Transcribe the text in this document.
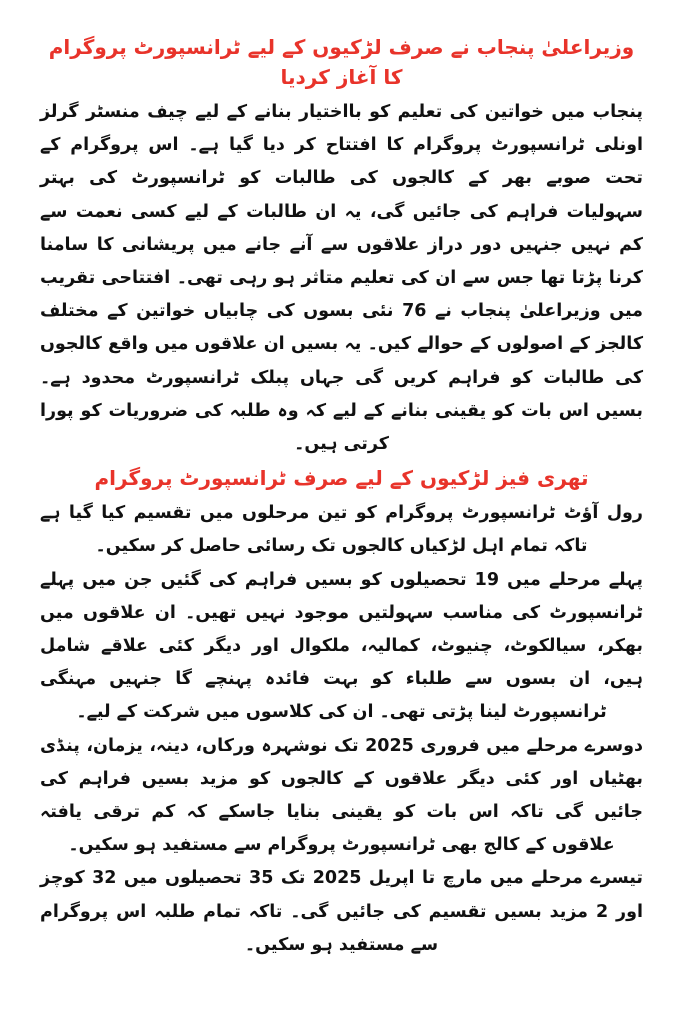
وزیراعلیٰ پنجاب نے صرف لڑکیوں کے لیے ٹرانسپورٹ پروگرام کا آغاز کردیا

پنجاب میں خواتین کی تعلیم کو بااختیار بنانے کے لیے چیف منسٹر گرلز اونلی ٹرانسپورٹ پروگرام کا افتتاح کر دیا گیا ہے۔ اس پروگرام کے تحت صوبے بھر کے کالجوں کی طالبات کو ٹرانسپورٹ کی بہتر سہولیات فراہم کی جائیں گی، یہ ان طالبات کے لیے کسی نعمت سے کم نہیں جنہیں دور دراز علاقوں سے آنے جانے میں پریشانی کا سامنا کرنا پڑتا تھا جس سے ان کی تعلیم متاثر ہو رہی تھی۔ افتتاحی تقریب میں وزیراعلیٰ پنجاب نے 76 نئی بسوں کی چابیاں خواتین کے مختلف کالجز کے اصولوں کے حوالے کیں۔ یہ بسیں ان علاقوں میں واقع کالجوں کی طالبات کو فراہم کریں گی جہاں پبلک ٹرانسپورٹ محدود ہے۔ بسیں اس بات کو یقینی بنانے کے لیے کہ وہ طلبہ کی ضروریات کو پورا کرتی ہیں۔

تھری فیز لڑکیوں کے لیے صرف ٹرانسپورٹ پروگرام

رول آؤٹ ٹرانسپورٹ پروگرام کو تین مرحلوں میں تقسیم کیا گیا ہے تاکہ تمام اہل لڑکیاں کالجوں تک رسائی حاصل کر سکیں۔

پہلے مرحلے میں 19 تحصیلوں کو بسیں فراہم کی گئیں جن میں پہلے ٹرانسپورٹ کی مناسب سہولتیں موجود نہیں تھیں۔ ان علاقوں میں بھکر، سیالکوٹ، چنیوٹ، کمالیہ، ملکوال اور دیگر کئی علاقے شامل ہیں، ان بسوں سے طلباء کو بہت فائدہ پہنچے گا جنہیں مہنگی ٹرانسپورٹ لینا پڑتی تھی۔ ان کی کلاسوں میں شرکت کے لیے۔

دوسرے مرحلے میں فروری 2025 تک نوشہرہ ورکاں، دینہ، یزمان، پنڈی بھٹیاں اور کئی دیگر علاقوں کے کالجوں کو مزید بسیں فراہم کی جائیں گی تاکہ اس بات کو یقینی بنایا جاسکے کہ کم ترقی یافتہ علاقوں کے کالج بھی ٹرانسپورٹ پروگرام سے مستفید ہو سکیں۔

تیسرے مرحلے میں مارچ تا اپریل 2025 تک 35 تحصیلوں میں 32 کوچز اور 2 مزید بسیں تقسیم کی جائیں گی۔ تاکہ تمام طلبہ اس پروگرام سے مستفید ہو سکیں۔
